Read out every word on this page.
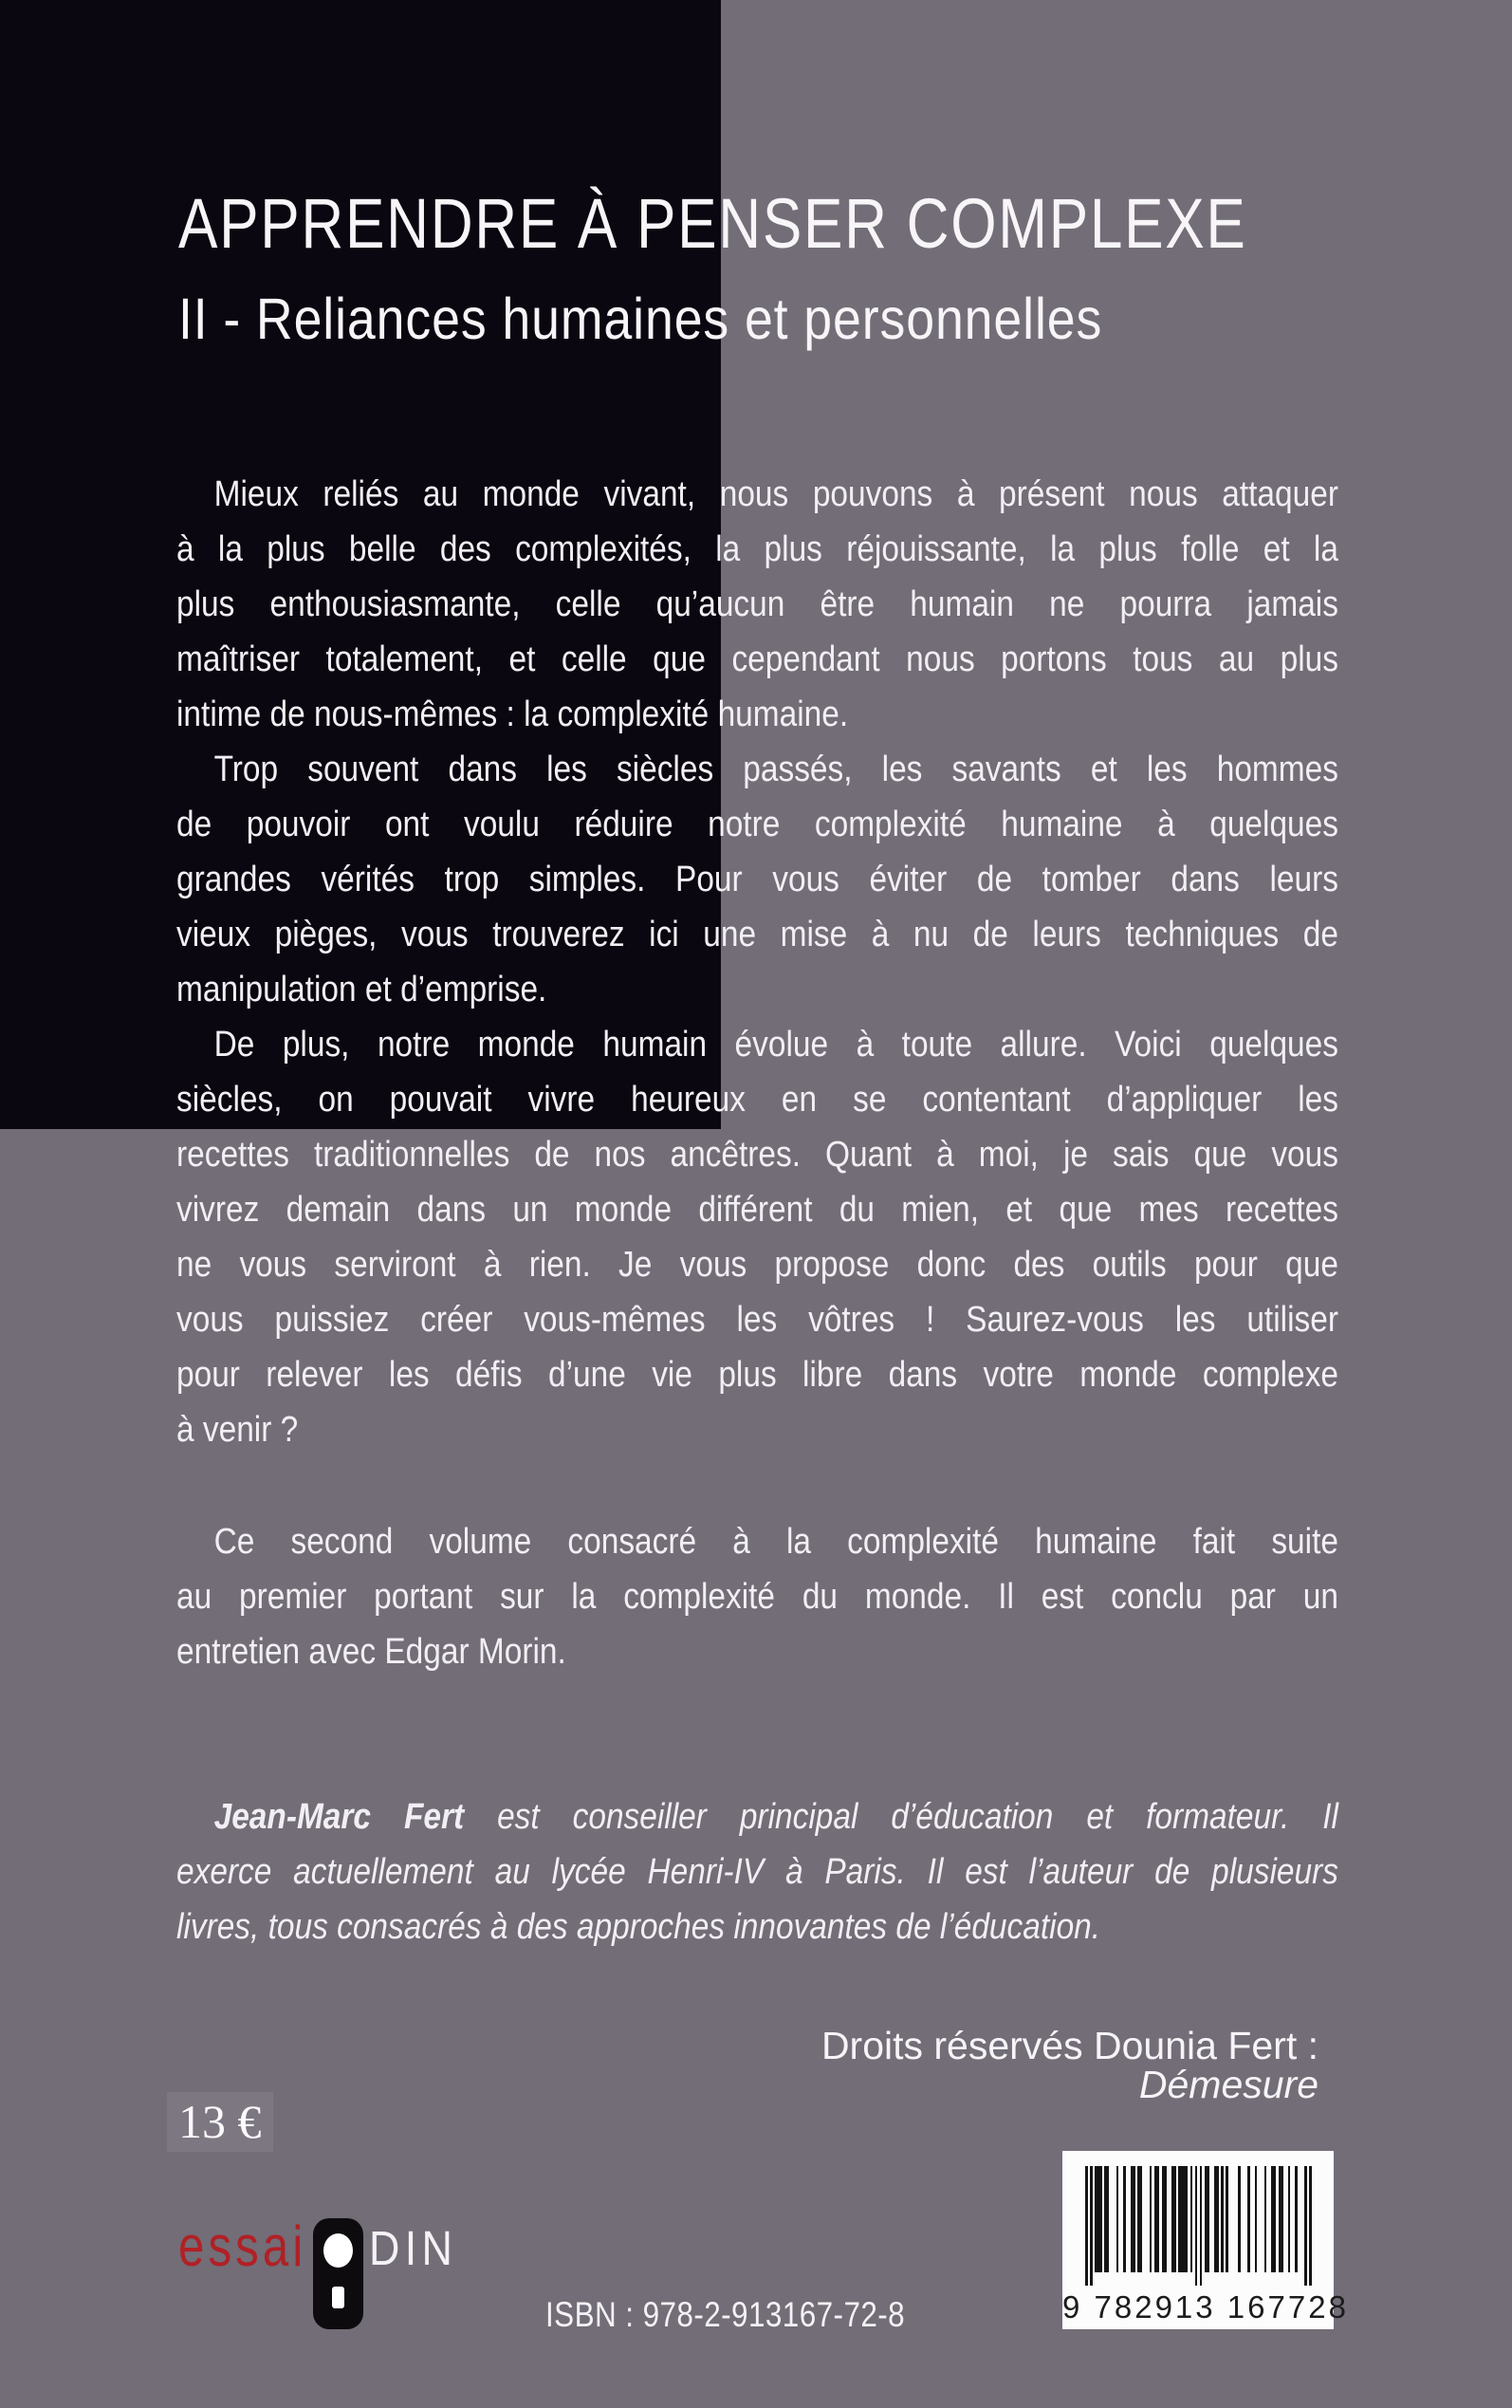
APPRENDRE À PENSER COMPLEXE
II - Reliances humaines et personnelles
Mieux reliés au monde vivant, nous pouvons à présent nous attaquer
à la plus belle des complexités, la plus réjouissante, la plus folle et la
plus enthousiasmante, celle qu’aucun être humain ne pourra jamais
maîtriser totalement, et celle que cependant nous portons tous au plus
intime de nous-mêmes : la complexité humaine.
Trop souvent dans les siècles passés, les savants et les hommes
de pouvoir ont voulu réduire notre complexité humaine à quelques
grandes vérités trop simples. Pour vous éviter de tomber dans leurs
vieux pièges, vous trouverez ici une mise à nu de leurs techniques de
manipulation et d’emprise.
De plus, notre monde humain évolue à toute allure. Voici quelques
siècles, on pouvait vivre heureux en se contentant d’appliquer les
recettes traditionnelles de nos ancêtres. Quant à moi, je sais que vous
vivrez demain dans un monde différent du mien, et que mes recettes
ne vous serviront à rien. Je vous propose donc des outils pour que
vous puissiez créer vous-mêmes les vôtres ! Saurez-vous les utiliser
pour relever les défis d’une vie plus libre dans votre monde complexe
à venir ?
Ce second volume consacré à la complexité humaine fait suite
au premier portant sur la complexité du monde. Il est conclu par un
entretien avec Edgar Morin.
Jean-Marc Fert est conseiller principal d’éducation et formateur. Il
exerce actuellement au lycée Henri-IV à Paris. Il est l’auteur de plusieurs
livres, tous consacrés à des approches innovantes de l’éducation.
Droits réservés Dounia Fert : Démesure
13 €
essai DIN
ISBN : 978-2-913167-72-8	9 782913 167728
